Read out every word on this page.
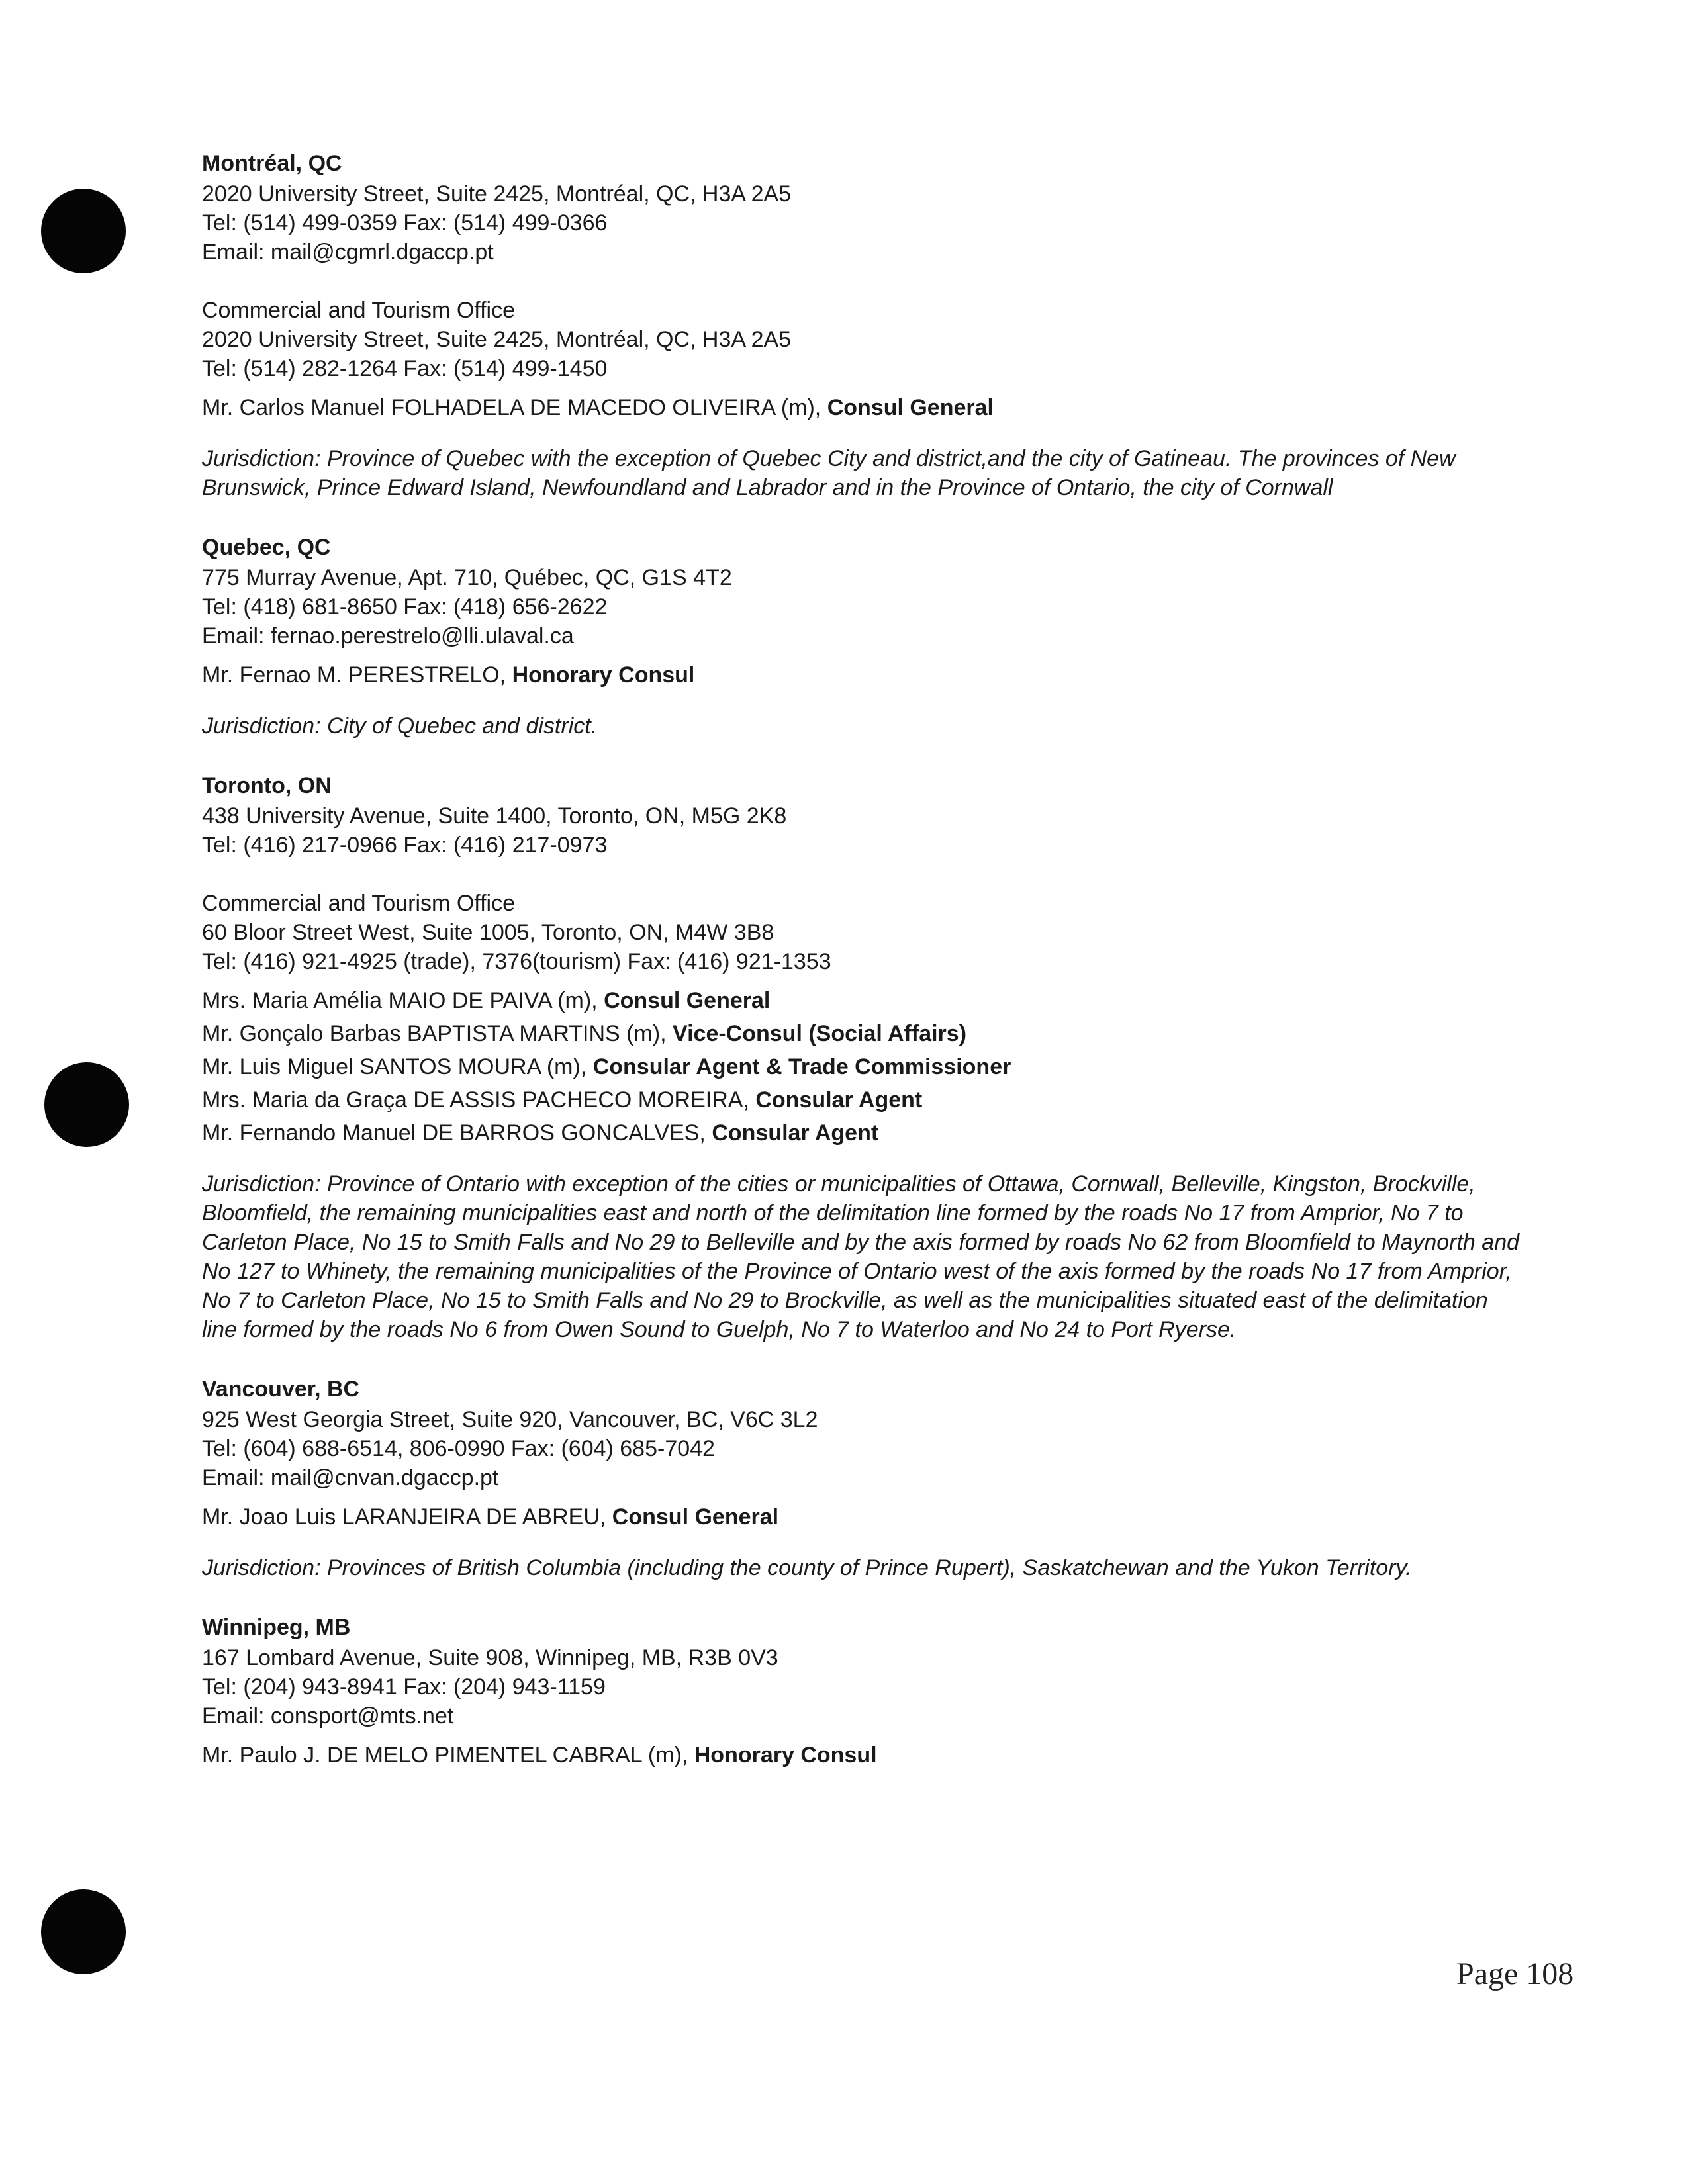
Montréal, QC
2020 University Street, Suite 2425, Montréal, QC, H3A 2A5
Tel: (514) 499-0359 Fax: (514) 499-0366
Email: mail@cgmrl.dgaccp.pt
Commercial and Tourism Office
2020 University Street, Suite 2425, Montréal, QC, H3A 2A5
Tel: (514) 282-1264 Fax: (514) 499-1450
Mr. Carlos Manuel FOLHADELA DE MACEDO OLIVEIRA (m), Consul General
Jurisdiction: Province of Quebec with the exception of Quebec City and district,and the city of Gatineau. The provinces of New Brunswick, Prince Edward Island, Newfoundland and Labrador and in the Province of Ontario, the city of Cornwall
Quebec, QC
775 Murray Avenue, Apt. 710, Québec, QC, G1S 4T2
Tel: (418) 681-8650 Fax: (418) 656-2622
Email: fernao.perestrelo@lli.ulaval.ca
Mr. Fernao M. PERESTRELO, Honorary Consul
Jurisdiction: City of Quebec and district.
Toronto, ON
438 University Avenue, Suite 1400, Toronto, ON, M5G 2K8
Tel: (416) 217-0966 Fax: (416) 217-0973
Commercial and Tourism Office
60 Bloor Street West, Suite 1005, Toronto, ON, M4W 3B8
Tel: (416) 921-4925 (trade), 7376(tourism) Fax: (416) 921-1353
Mrs. Maria Amélia MAIO DE PAIVA (m), Consul General
Mr. Gonçalo Barbas BAPTISTA MARTINS (m), Vice-Consul (Social Affairs)
Mr. Luis Miguel SANTOS MOURA (m), Consular Agent & Trade Commissioner
Mrs. Maria da Graça DE ASSIS PACHECO MOREIRA, Consular Agent
Mr. Fernando Manuel DE BARROS GONCALVES, Consular Agent
Jurisdiction: Province of Ontario with exception of the cities or municipalities of Ottawa, Cornwall, Belleville, Kingston, Brockville, Bloomfield, the remaining municipalities east and north of the delimitation line formed by the roads No 17 from Amprior, No 7 to Carleton Place, No 15 to Smith Falls and No 29 to Belleville and by the axis formed by roads No 62 from Bloomfield to Maynorth and No 127 to Whinety, the remaining municipalities of the Province of Ontario west of the axis formed by the roads No 17 from Amprior, No 7 to Carleton Place, No 15 to Smith Falls and No 29 to Brockville, as well as the municipalities situated east of the delimitation line formed by the roads No 6 from Owen Sound to Guelph, No 7 to Waterloo and No 24 to Port Ryerse.
Vancouver, BC
925 West Georgia Street, Suite 920, Vancouver, BC, V6C 3L2
Tel: (604) 688-6514, 806-0990 Fax: (604) 685-7042
Email: mail@cnvan.dgaccp.pt
Mr. Joao Luis LARANJEIRA DE ABREU, Consul General
Jurisdiction: Provinces of British Columbia (including the county of Prince Rupert), Saskatchewan and the Yukon Territory.
Winnipeg, MB
167 Lombard Avenue, Suite 908, Winnipeg, MB, R3B 0V3
Tel: (204) 943-8941 Fax: (204) 943-1159
Email: consport@mts.net
Mr. Paulo J. DE MELO PIMENTEL CABRAL (m), Honorary Consul
Page 108
